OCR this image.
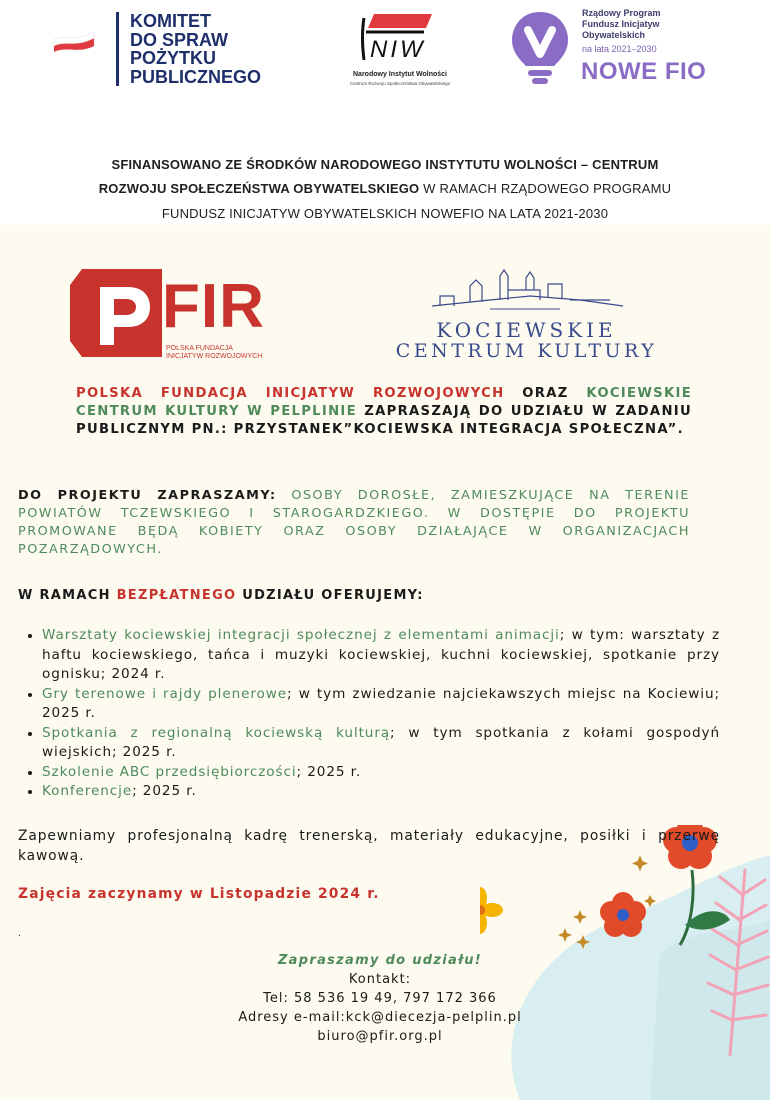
KOMITET
DO SPRAW
POŻYTKU
PUBLICZNEGO
NIW
Narodowy Instytut Wolności
Centrum Rozwoju Społeczeństwa Obywatelskiego
Rządowy Program
Fundusz Inicjatyw
Obywatelskich
na lata 2021–2030
NOWE FIO
SFINANSOWANO ZE ŚRODKÓW NARODOWEGO INSTYTUTU WOLNOŚCI – CENTRUM
ROZWOJU SPOŁECZEŃSTWA OBYWATELSKIEGO W RAMACH RZĄDOWEGO PROGRAMU
FUNDUSZ INICJATYW OBYWATELSKICH NOWEFIO NA LATA 2021-2030
FIR
POLSKA FUNDACJA
INICJATYW ROZWOJOWYCH
KOCIEWSKIE
CENTRUM KULTURY
POLSKA FUNDACJA INICJATYW ROZWOJOWYCH ORAZ KOCIEWSKIE CENTRUM KULTURY W PELPLINIE ZAPRASZAJĄ DO UDZIAŁU W ZADANIU PUBLICZNYM PN.: PRZYSTANEK”KOCIEWSKA INTEGRACJA SPOŁECZNA”.
DO PROJEKTU ZAPRASZAMY: OSOBY DOROSŁE, ZAMIESZKUJĄCE NA TERENIE POWIATÓW TCZEWSKIEGO I STAROGARDZKIEGO. W DOSTĘPIE DO PROJEKTU PROMOWANE BĘDĄ KOBIETY ORAZ OSOBY DZIAŁAJĄCE W ORGANIZACJACH POZARZĄDOWYCH.
W RAMACH BEZPŁATNEGO UDZIAŁU OFERUJEMY:
Warsztaty kociewskiej integracji społecznej z elementami animacji; w tym: warsztaty z haftu kociewskiego, tańca i muzyki kociewskiej, kuchni kociewskiej, spotkanie przy ognisku; 2024 r.
Gry terenowe i rajdy plenerowe; w tym zwiedzanie najciekawszych miejsc na Kociewiu; 2025 r.
Spotkania z regionalną kociewską kulturą; w tym spotkania z kołami gospodyń wiejskich; 2025 r.
Szkolenie ABC przedsiębiorczości; 2025 r.
Konferencje; 2025 r.
Zapewniamy profesjonalną kadrę trenerską, materiały edukacyjne, posiłki i przerwę kawową.
Zajęcia zaczynamy w Listopadzie 2024 r.
.
Zapraszamy do udziału!
Kontakt:
Tel: 58 536 19 49, 797 172 366
Adresy e-mail:kck@diecezja-pelplin.pl
biuro@pfir.org.pl
